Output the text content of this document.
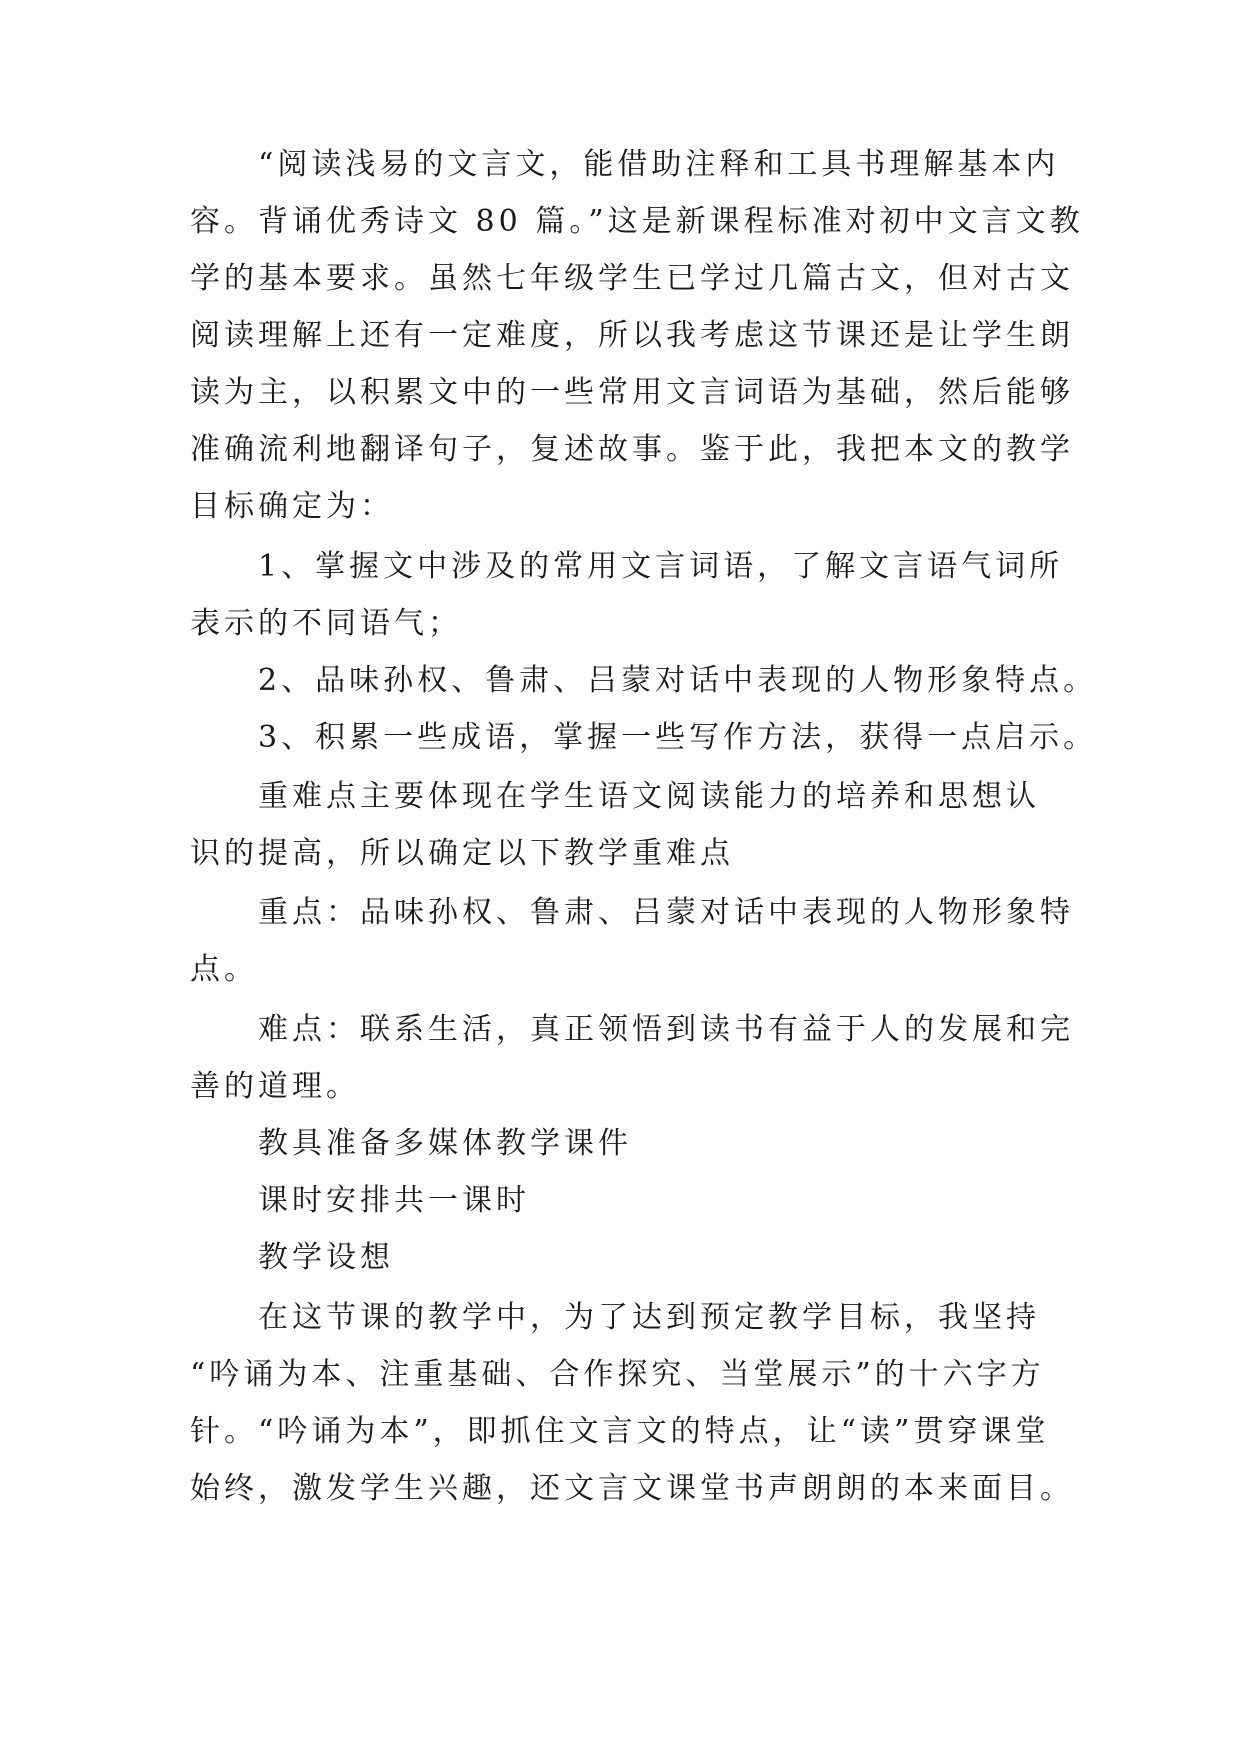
“阅读浅易的文言文，能借助注释和工具书理解基本内
容。背诵优秀诗文 80 篇。”这是新课程标准对初中文言文教
学的基本要求。虽然七年级学生已学过几篇古文，但对古文
阅读理解上还有一定难度，所以我考虑这节课还是让学生朗
读为主，以积累文中的一些常用文言词语为基础，然后能够
准确流利地翻译句子，复述故事。鉴于此，我把本文的教学
目标确定为：
1、掌握文中涉及的常用文言词语，了解文言语气词所
表示的不同语气；
2、品味孙权、鲁肃、吕蒙对话中表现的人物形象特点。
3、积累一些成语，掌握一些写作方法，获得一点启示。
重难点主要体现在学生语文阅读能力的培养和思想认
识的提高，所以确定以下教学重难点
重点：品味孙权、鲁肃、吕蒙对话中表现的人物形象特
点。
难点：联系生活，真正领悟到读书有益于人的发展和完
善的道理。
教具准备多媒体教学课件
课时安排共一课时
教学设想
在这节课的教学中，为了达到预定教学目标，我坚持
“吟诵为本、注重基础、合作探究、当堂展示”的十六字方
针。“吟诵为本”，即抓住文言文的特点，让“读”贯穿课堂
始终，激发学生兴趣，还文言文课堂书声朗朗的本来面目。
